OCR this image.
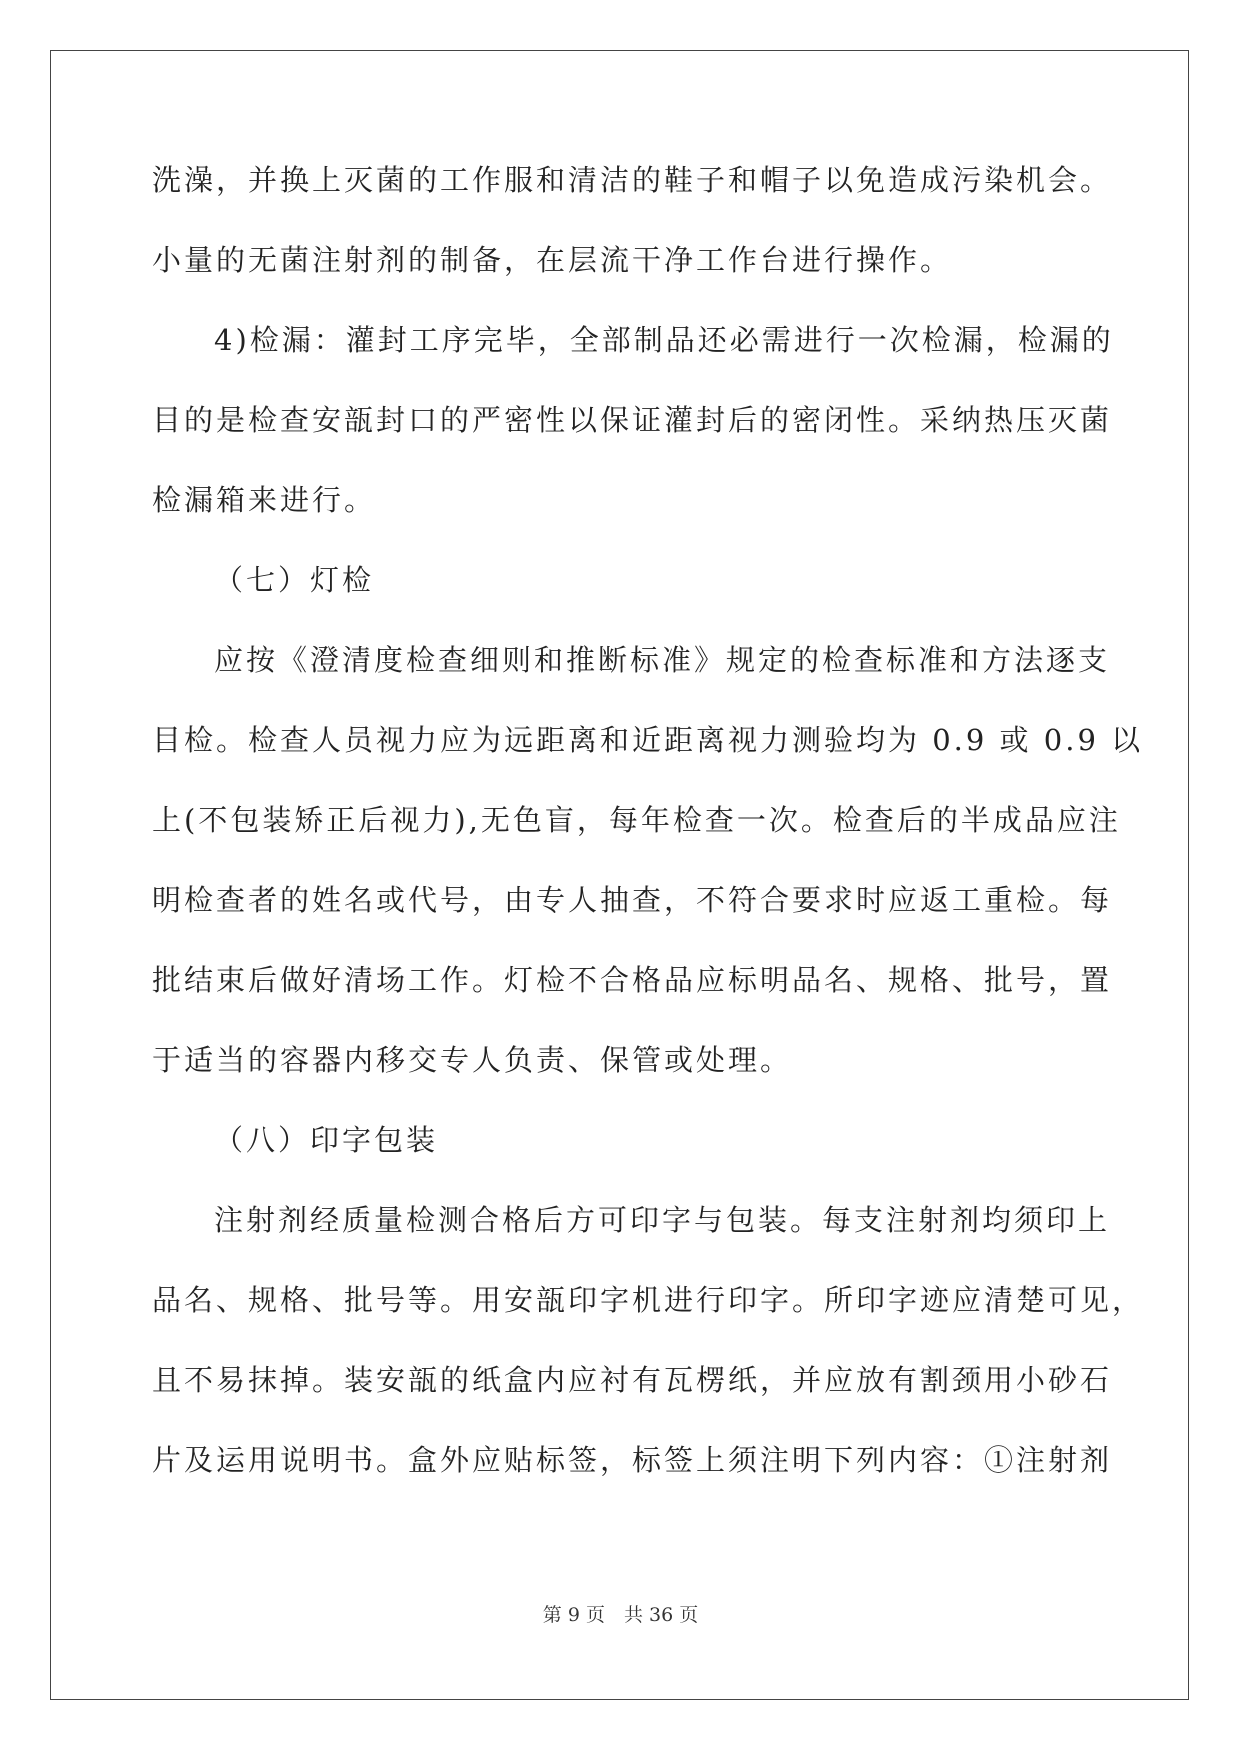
洗澡，并换上灭菌的工作服和清洁的鞋子和帽子以免造成污染机会。
小量的无菌注射剂的制备，在层流干净工作台进行操作。
4)检漏：灌封工序完毕，全部制品还必需进行一次检漏，检漏的
目的是检查安瓿封口的严密性以保证灌封后的密闭性。采纳热压灭菌
检漏箱来进行。
（七）灯检
应按《澄清度检查细则和推断标准》规定的检查标准和方法逐支
目检。检查人员视力应为远距离和近距离视力测验均为 0.9 或 0.9 以
上(不包装矫正后视力),无色盲，每年检查一次。检查后的半成品应注
明检查者的姓名或代号，由专人抽查，不符合要求时应返工重检。每
批结束后做好清场工作。灯检不合格品应标明品名、规格、批号，置
于适当的容器内移交专人负责、保管或处理。
（八）印字包装
注射剂经质量检测合格后方可印字与包装。每支注射剂均须印上
品名、规格、批号等。用安瓿印字机进行印字。所印字迹应清楚可见，
且不易抹掉。装安瓿的纸盒内应衬有瓦楞纸，并应放有割颈用小砂石
片及运用说明书。盒外应贴标签，标签上须注明下列内容：①注射剂
第 9 页　共 36 页
